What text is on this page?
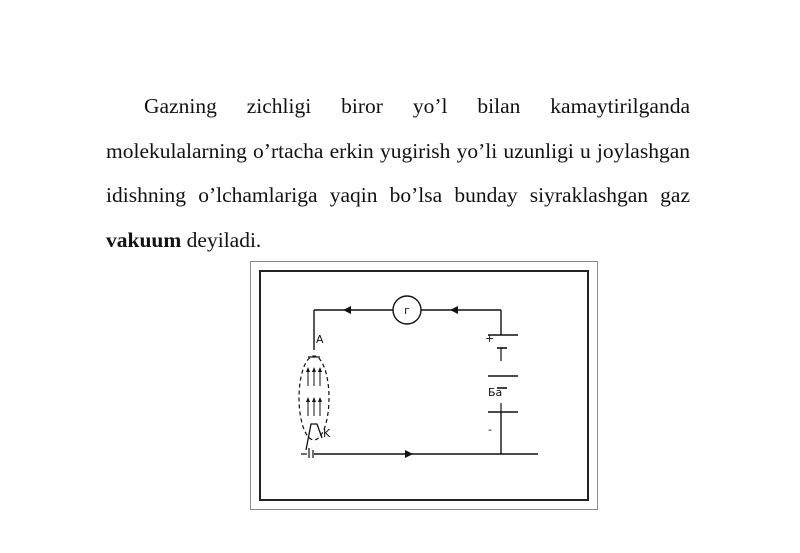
Gazning zichligi biror yo’l bilan kamaytirilganda molekulalarning o’rtacha erkin yugirish yo’li uzunligi u joylashgan idishning o’lchamlariga yaqin bo’lsa bunday siyraklashgan gaz vakuum deyiladi.

г
A
K
+
Ба
-
